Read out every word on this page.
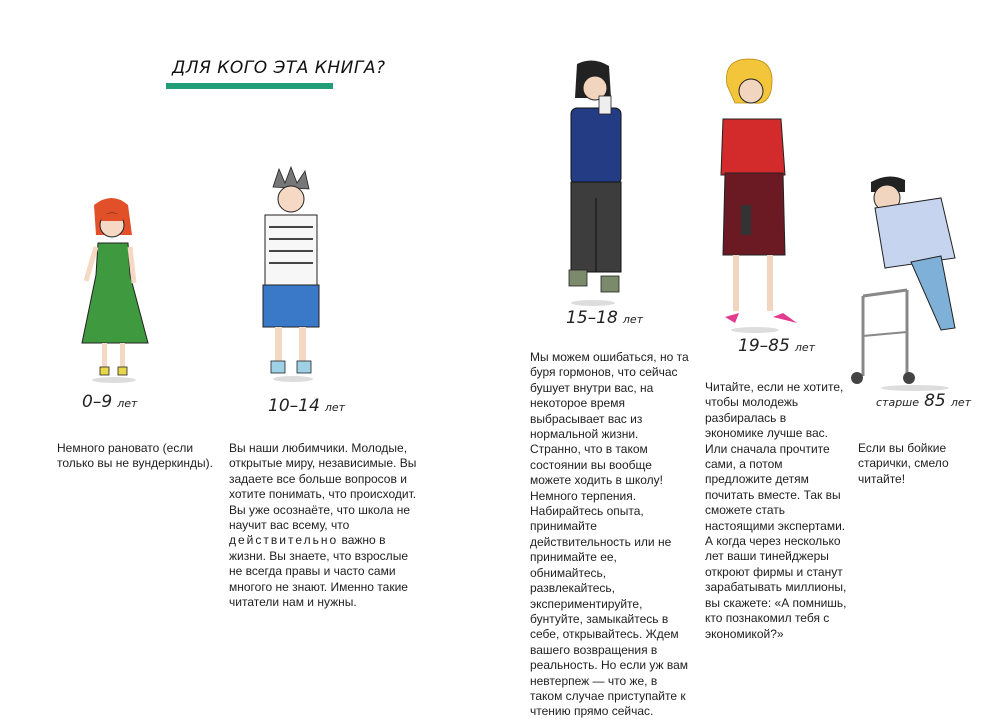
ДЛЯ КОГО ЭТА КНИГА?
0–9 лет	10–14 лет
15–18 лет
19–85 лет
старше 85 лет
Немного рановато (если только вы не вундеркинды).
Вы наши любимчики. Молодые, открытые миру, независимые. Вы задаете все больше вопросов и хотите понимать, что происходит. Вы уже осознаёте, что школа не научит вас всему, что действительно важно в жизни. Вы знаете, что взрослые не всегда правы и часто сами многого не знают. Именно такие читатели нам и нужны.
Мы можем ошибаться, но та буря гормонов, что сейчас бушует внутри вас, на некоторое время выбрасывает вас из нормальной жизни. Странно, что в таком состоянии вы вообще можете ходить в школу! Немного терпения. Набирайтесь опыта, принимайте действительность или не принимайте ее, обнимайтесь, развлекайтесь, экспериментируйте, бунтуйте, замыкайтесь в себе, открывайтесь. Ждем вашего возвращения в реальность. Но если уж вам невтерпеж — что же, в таком случае приступайте к чтению прямо сейчас.
Читайте, если не хотите, чтобы молодежь разбиралась в экономике лучше вас. Или сначала прочтите сами, а потом предложите детям почитать вместе. Так вы сможете стать настоящими экспертами. А когда через несколько лет ваши тинейджеры откроют фирмы и станут зарабатывать миллионы, вы скажете: «А помнишь, кто познакомил тебя с экономикой?»
Если вы бойкие старички, смело читайте!
